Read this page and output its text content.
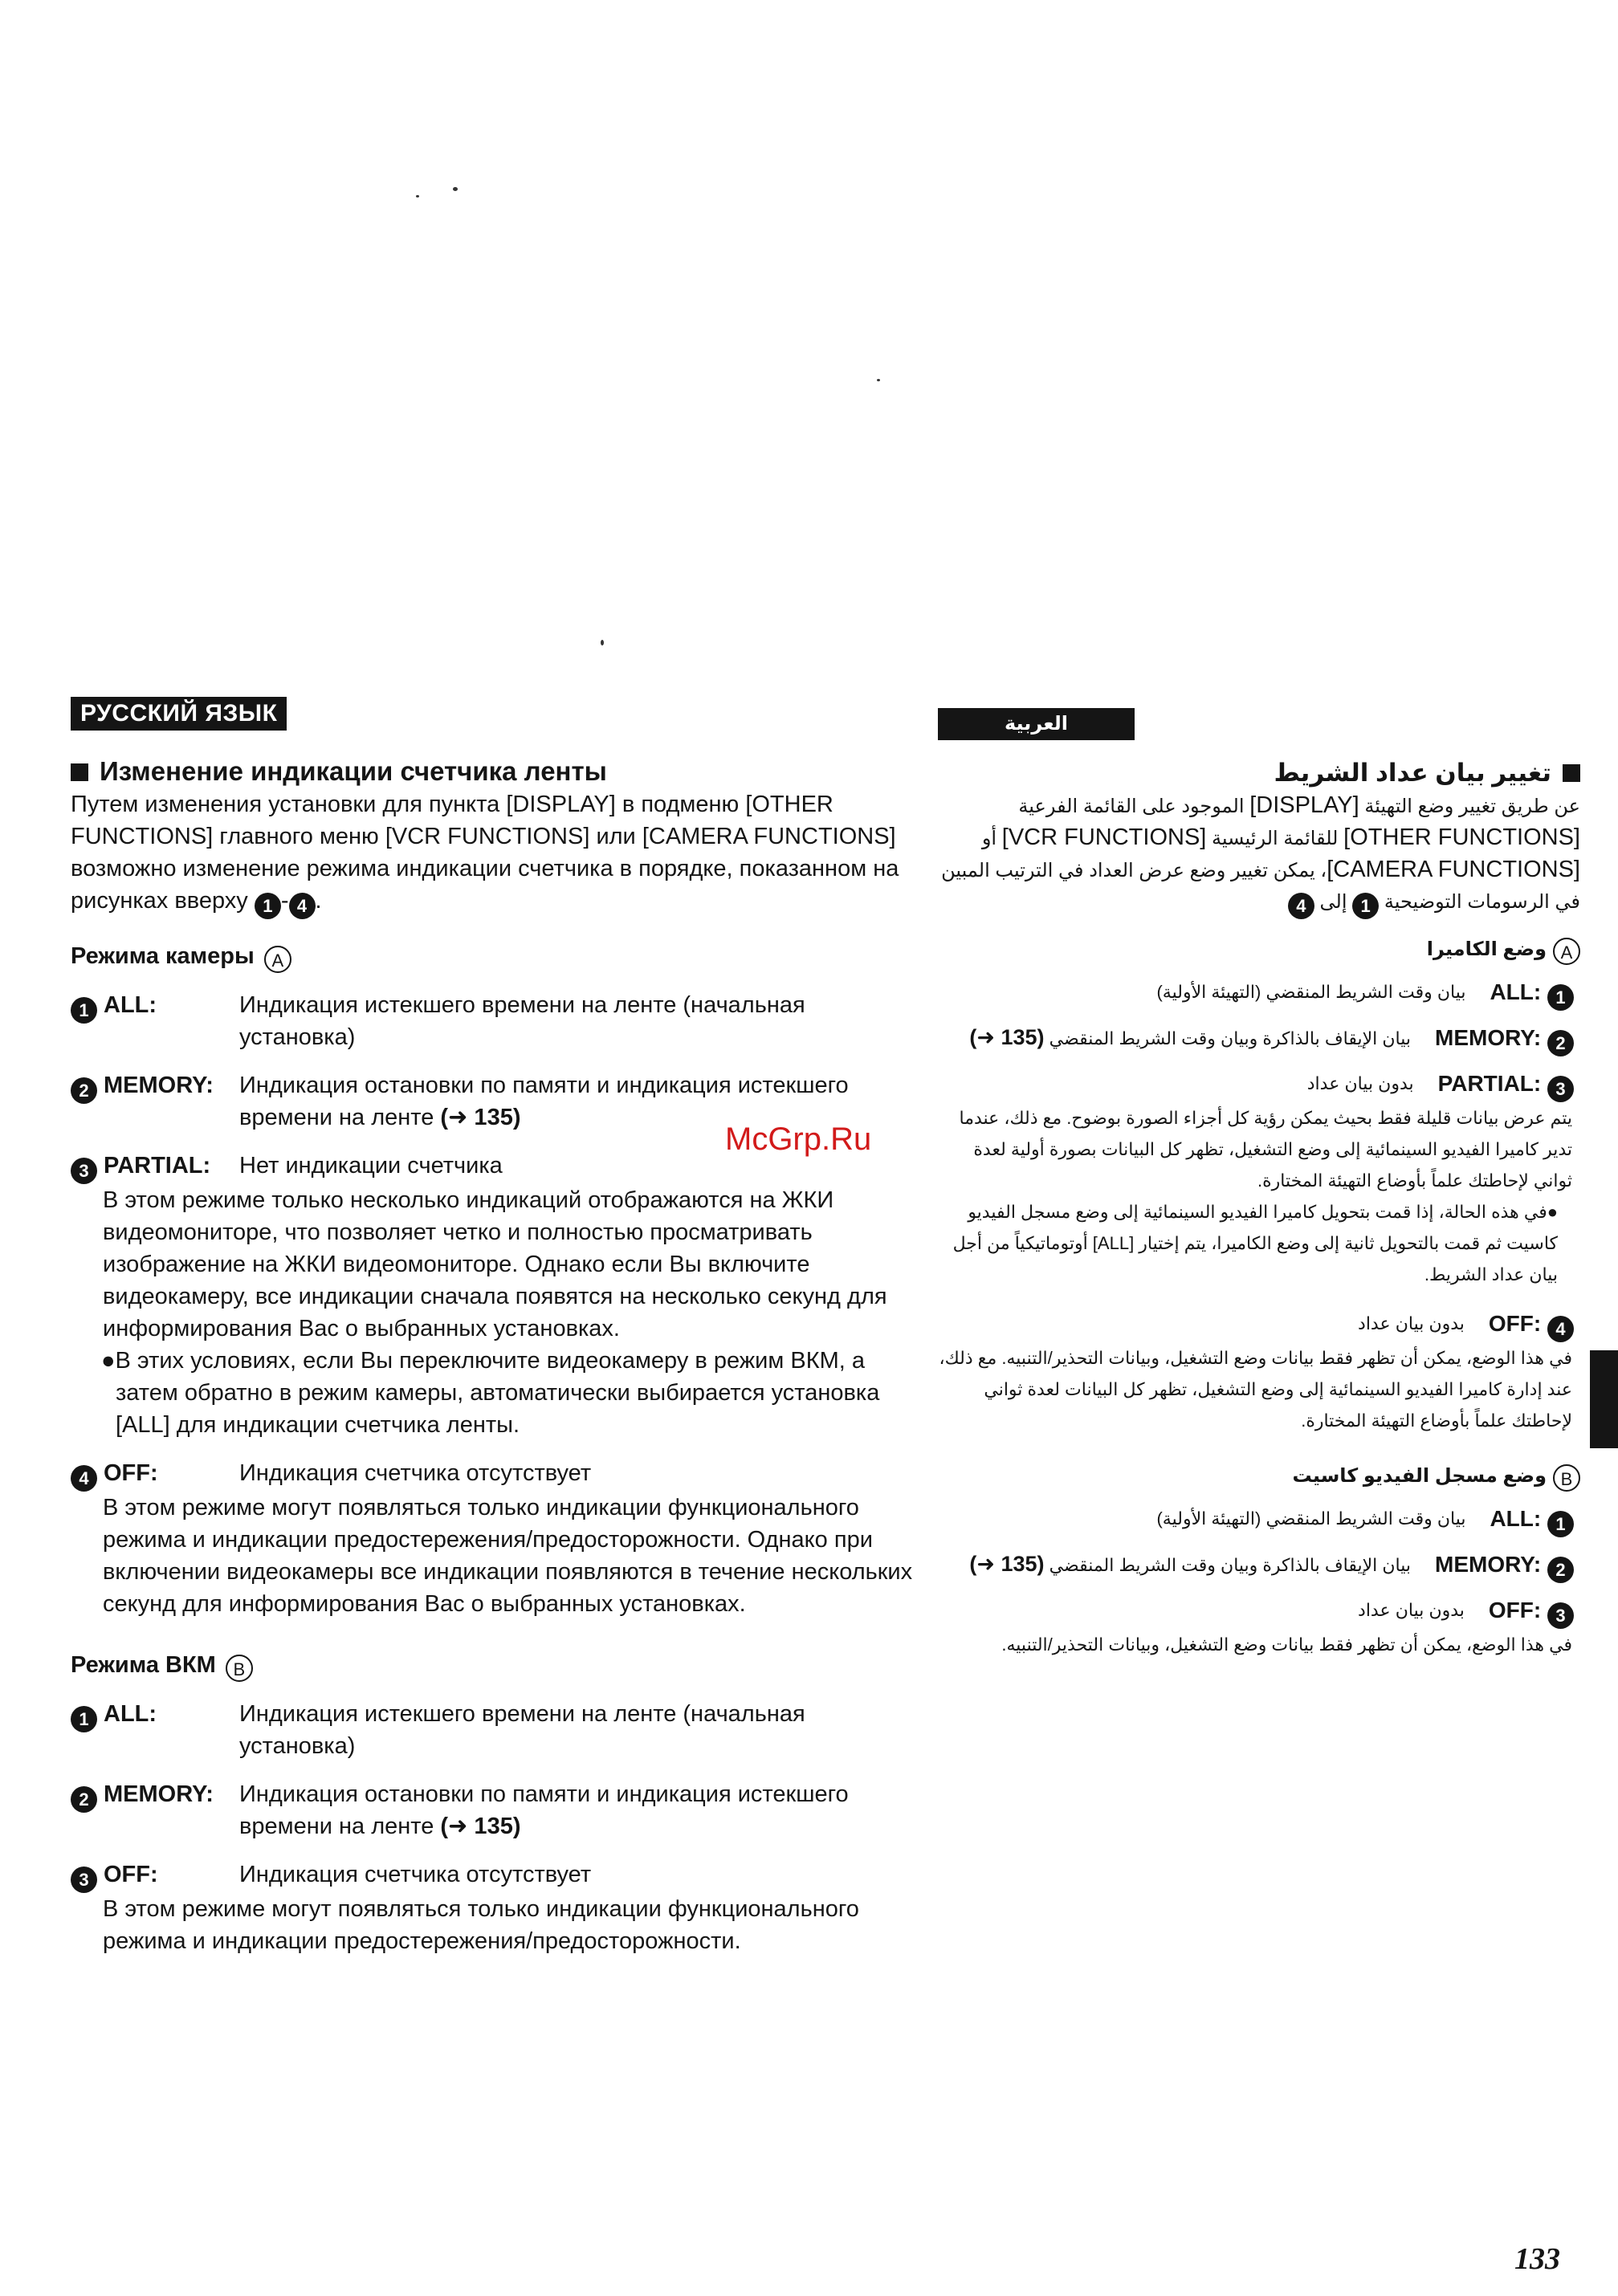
РУССКИЙ ЯЗЫК
Изменение индикации счетчика ленты

Путем изменения установки для пункта [DISPLAY] в подменю [OTHER FUNCTIONS] главного меню [VCR FUNCTIONS] или [CAMERA FUNCTIONS] возможно изменение режима индикации счетчика в порядке, показанном на рисунках вверху 1 - 4 .

Режима камеры A
1 ALL:	Индикация истекшего времени на ленте (начальная установка)
2 MEMORY:	Индикация остановки по памяти и индикация истекшего времени на ленте (➜ 135)
3 PARTIAL:	Нет индикации счетчика

В этом режиме только несколько индикаций отображаются на ЖКИ видеомониторе, что позволяет четко и полностью просматривать изображение на ЖКИ видеомониторе. Однако если Вы включите видеокамеру, все индикации сначала появятся на несколько секунд для информирования Вас о выбранных установках.

●В этих условиях, если Вы переключите видеокамеру в режим ВКМ, а затем обратно в режим камеры, автоматически выбирается установка [ALL] для индикации счетчика ленты.

4 OFF:	Индикация счетчика отсутствует

В этом режиме могут появляться только индикации функционального режима и индикации предостережения/предосторожности. Однако при включении видеокамеры все индикации появляются в течение нескольких секунд для информирования Вас о выбранных установках.

Режима ВКМ B
1 ALL:	Индикация истекшего времени на ленте (начальная установка)
2 MEMORY:	Индикация остановки по памяти и индикация истекшего времени на ленте (➜ 135)
3 OFF:	Индикация счетчика отсутствует

В этом режиме могут появляться только индикации функционального режима и индикации предостережения/предосторожности.

العربية
تغيير بيان عداد الشريط

عن طريق تغيير وضع التهيئة [DISPLAY] الموجود على القائمة الفرعية [OTHER FUNCTIONS] للقائمة الرئيسية [VCR FUNCTIONS] أو [CAMERA FUNCTIONS]، يمكن تغيير وضع عرض العداد في الترتيب المبين في الرسومات التوضيحية 1 إلى 4

Aوضع الكاميرا
1 ALL:
بيان وقت الشريط المنقضي (التهيئة الأولية)
2 MEMORY:
بيان الإيقاف بالذاكرة وبيان وقت الشريط المنقضي (➜ 135)
3 PARTIAL:
بدون بيان عداد

يتم عرض بيانات قليلة فقط بحيث يمكن رؤية كل أجزاء الصورة بوضوح. مع ذلك، عندما تدير كاميرا الفيديو السينمائية إلى وضع التشغيل، تظهر كل البيانات بصورة أولية لعدة ثواني لإحاطتك علماً بأوضاع التهيئة المختارة.

●في هذه الحالة، إذا قمت بتحويل كاميرا الفيديو السينمائية إلى وضع مسجل الفيديو كاسيت ثم قمت بالتحويل ثانية إلى وضع الكاميرا، يتم إختيار [ALL] أوتوماتيكياً من أجل بيان عداد الشريط.

4 OFF:
بدون بيان عداد

في هذا الوضع، يمكن أن تظهر فقط بيانات وضع التشغيل، وبيانات التحذير/التنبيه. مع ذلك، عند إدارة كاميرا الفيديو السينمائية إلى وضع التشغيل، تظهر كل البيانات لعدة ثواني لإحاطتك علماً بأوضاع التهيئة المختارة.

Bوضع مسجل الفيديو كاسيت
1 ALL:
بيان وقت الشريط المنقضي (التهيئة الأولية)
2 MEMORY:
بيان الإيقاف بالذاكرة وبيان وقت الشريط المنقضي (➜ 135)
3 OFF:
بدون بيان عداد

في هذا الوضع، يمكن أن تظهر فقط بيانات وضع التشغيل، وبيانات التحذير/التنبيه.

McGrp.Ru
133
